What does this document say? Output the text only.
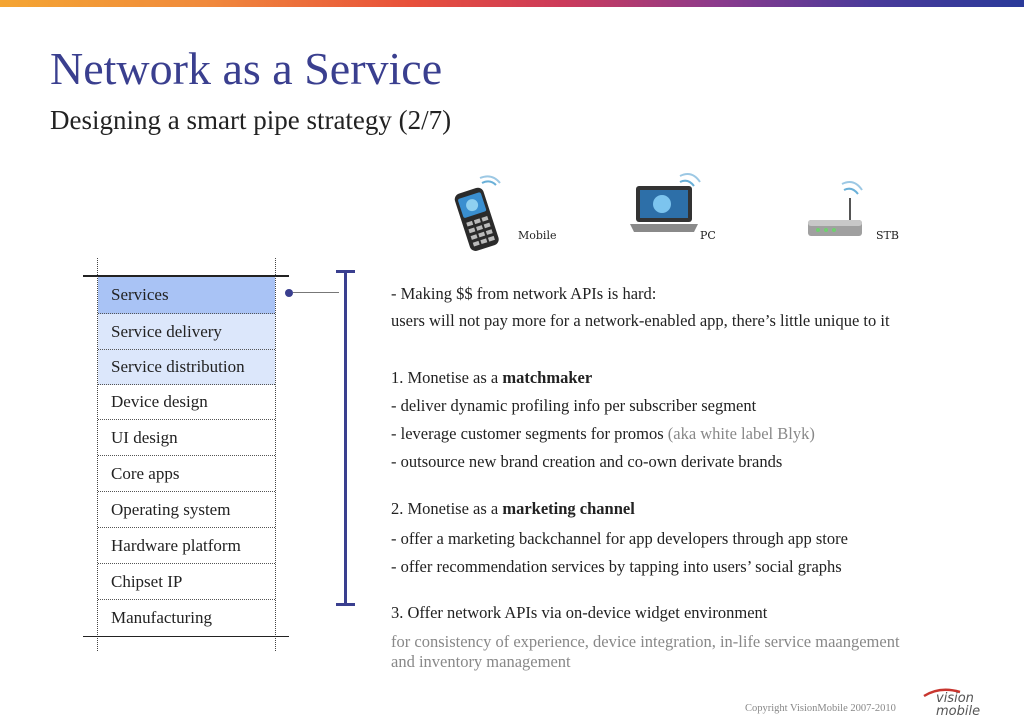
Network as a Service
Designing a smart pipe strategy (2/7)
Mobile	PC	STB
Services
Service delivery
Service distribution
Device design
UI design
Core apps
Operating system
Hardware platform
Chipset IP
Manufacturing
- Making $$ from network APIs is hard:
users will not pay more for a network-enabled app, there’s little unique to it
1. Monetise as a matchmaker
- deliver dynamic profiling info per subscriber segment
- leverage customer segments for promos (aka white label Blyk)
- outsource new brand creation and co-own derivate brands
2. Monetise as a marketing channel
- offer a marketing backchannel for app developers through app store
- offer recommendation services by tapping into users’ social graphs
3. Offer network APIs via on-device widget environment
for consistency of experience, device integration, in-life service maangement
and inventory management
Copyright VisionMobile 2007-2010
vision
mobile
